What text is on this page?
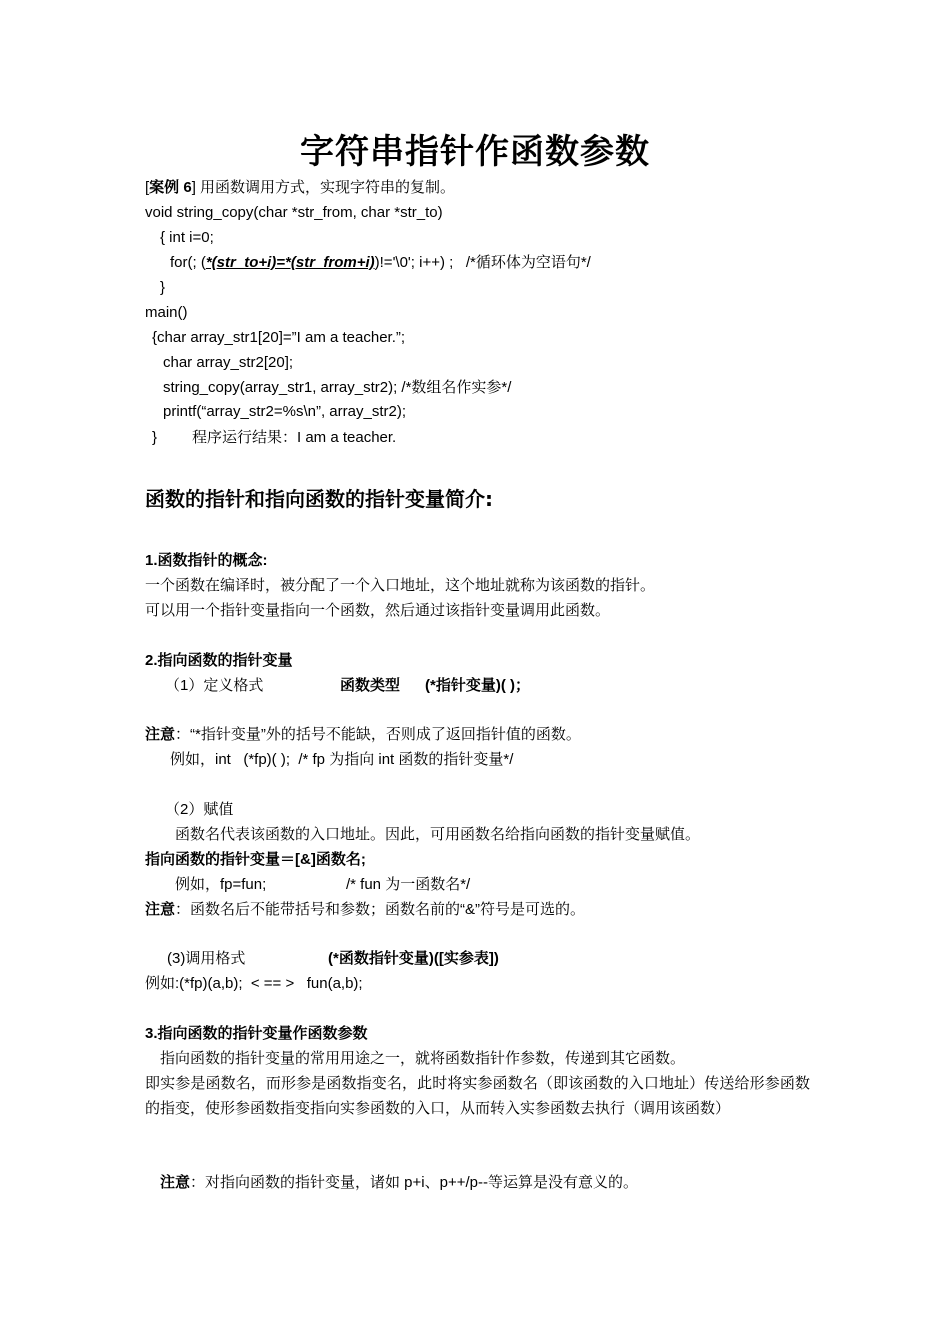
字符串指针作函数参数
[案例 6] 用函数调用方式，实现字符串的复制。
void string_copy(char *str_from, char *str_to)
{ int i=0;
for(; (*(str_to+i)=*(str_from+i))!='\0'; i++) ;   /*循环体为空语句*/
}
main()
{char array_str1[20]=”I am a teacher.”;
char array_str2[20];
string_copy(array_str1, array_str2); /*数组名作实参*/
printf(“array_str2=%s\n”, array_str2);
} 程序运行结果：I am a teacher.
函数的指针和指向函数的指针变量简介:
1.函数指针的概念:
一个函数在编译时，被分配了一个入口地址，这个地址就称为该函数的指针。
可以用一个指针变量指向一个函数，然后通过该指针变量调用此函数。
2.指向函数的指针变量
（1）定义格式	函数类型      (*指针变量)( )；
注意：“*指针变量”外的括号不能缺，否则成了返回指针值的函数。
例如，int   (*fp)( );  /* fp 为指向 int 函数的指针变量*/
（2）赋值
函数名代表该函数的入口地址。因此，可用函数名给指向函数的指针变量赋值。
指向函数的指针变量＝[&]函数名;
例如，fp=fun;	/* fun 为一函数名*/
注意：函数名后不能带括号和参数；函数名前的“&”符号是可选的。
(3)调用格式	(*函数指针变量)([实参表])
例如:(*fp)(a,b);  < == >   fun(a,b);
3.指向函数的指针变量作函数参数
指向函数的指针变量的常用用途之一，就将函数指针作参数，传递到其它函数。
即实参是函数名，而形参是函数指变名，此时将实参函数名（即该函数的入口地址）传送给形参函数的指变，使形参函数指变指向实参函数的入口，从而转入实参函数去执行（调用该函数）
注意：对指向函数的指针变量，诸如 p+i、p++/p--等运算是没有意义的。
